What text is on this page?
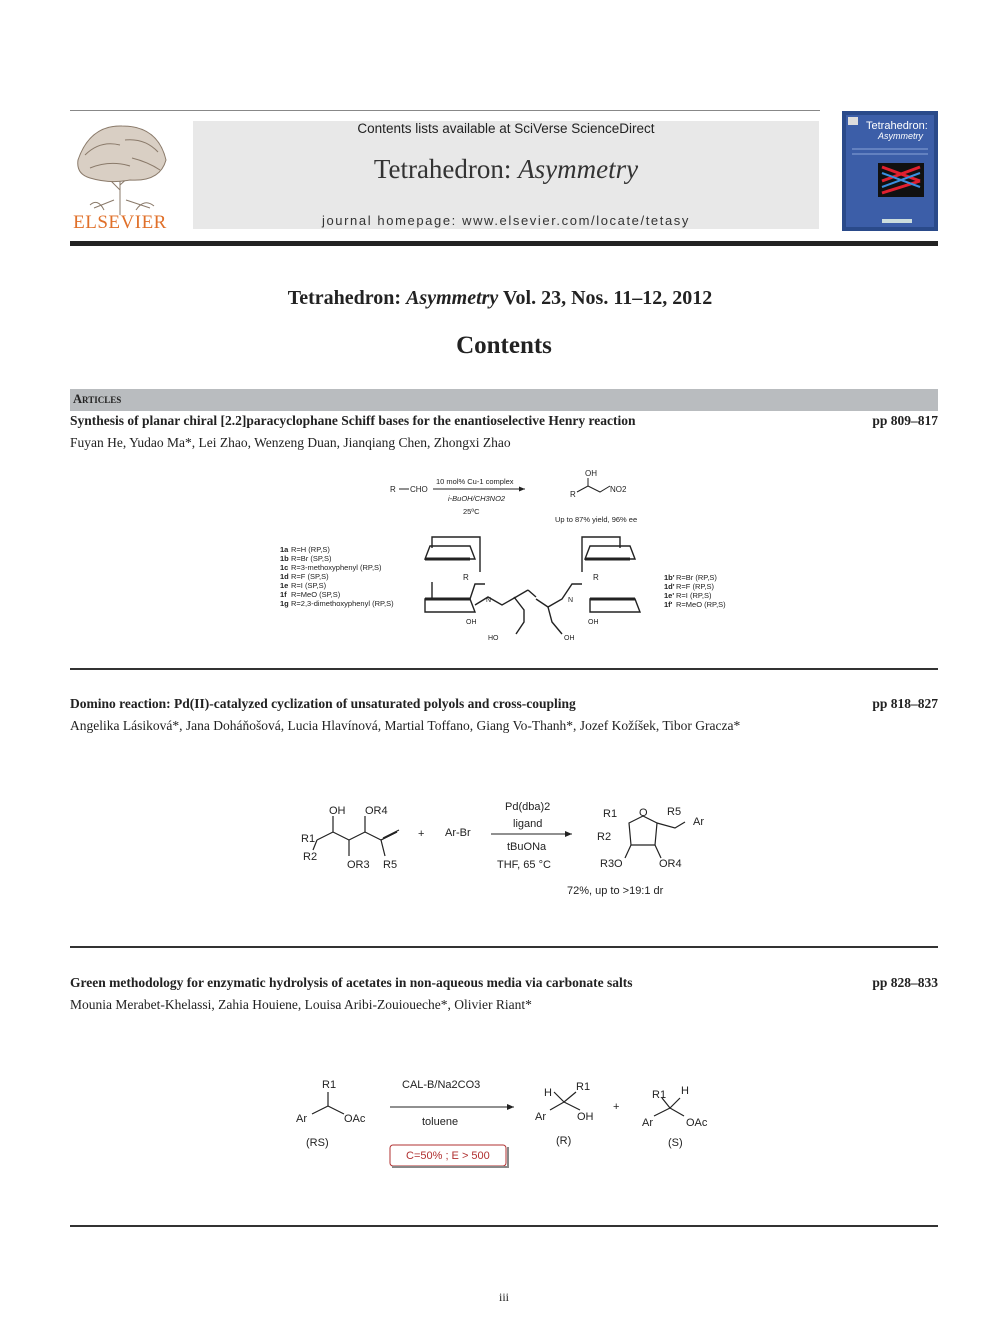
ELSEVIER
Contents lists available at SciVerse ScienceDirect
Tetrahedron: Asymmetry
journal homepage: www.elsevier.com/locate/tetasy
Tetrahedron:
Asymmetry
Tetrahedron: Asymmetry Vol. 23, Nos. 11–12, 2012
Contents
Articles
Synthesis of planar chiral [2.2]paracyclophane Schiff bases for the enantioselective Henry reaction	pp 809–817
Fuyan He, Yudao Ma*, Lei Zhao, Wenzeng Duan, Jianqiang Chen, Zhongxi Zhao
R CHO
10 mol% Cu-1 complex
i-BuOH/CH3NO2
25ºC
OH
R
NO2
Up to 87% yield, 96% ee
1a R=H (RP,S)
1b R=Br (SP,S)
1c R=3-methoxyphenyl (RP,S)
1d R=F (SP,S)
1e R=I (SP,S)
1f R=MeO (SP,S)
1g R=2,3-dimethoxyphenyl (RP,S)
1b' R=Br (RP,S)
1d' R=F (RP,S)
1e' R=I (RP,S)
1f' R=MeO (RP,S)
R
N
OH
HO
R
N
OH
OH
Domino reaction: Pd(II)-catalyzed cyclization of unsaturated polyols and cross-coupling	pp 818–827
Angelika Lásiková*, Jana Doháňošová, Lucia Hlavínová, Martial Toffano, Giang Vo-Thanh*, Jozef Kožíšek, Tibor Gracza*
OH OR4
R1
R2
OR3 R5
+ Ar-Br
Pd(dba)2
ligand
tBuONa
THF, 65 °C
R1 O R5
Ar
R2
R3O	OR4
72%, up to >19:1 dr
Green methodology for enzymatic hydrolysis of acetates in non-aqueous media via carbonate salts	pp 828–833
Mounia Merabet-Khelassi, Zahia Houiene, Louisa Aribi-Zouioueche*, Olivier Riant*
R1
Ar	OAc
(RS)
CAL-B/Na2CO3
toluene
C=50% ; E > 500
H R1
Ar	OH
(R)
+
R1 H
Ar	OAc
(S)
iii
